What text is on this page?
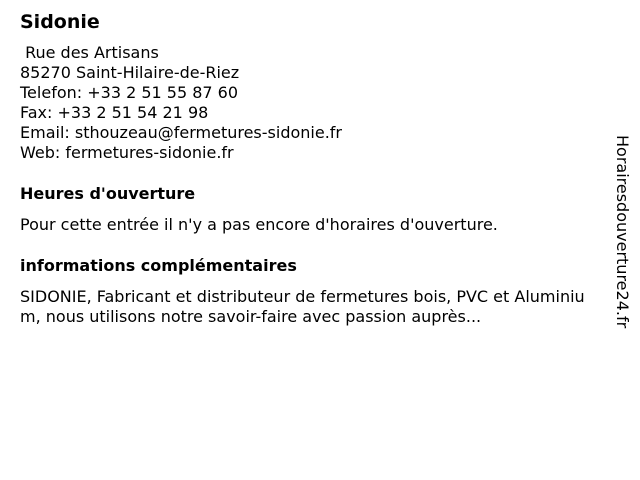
Sidonie
Rue des Artisans
85270 Saint-Hilaire-de-Riez
Telefon: +33 2 51 55 87 60
Fax: +33 2 51 54 21 98
Email: sthouzeau@fermetures-sidonie.fr
Web: fermetures-sidonie.fr
Heures d'ouverture
Pour cette entrée il n'y a pas encore d'horaires d'ouverture.
informations complémentaires
SIDONIE, Fabricant et distributeur de fermetures bois, PVC et Aluminium, nous utilisons notre savoir-faire avec passion auprès...	Horairesdouverture24.fr
